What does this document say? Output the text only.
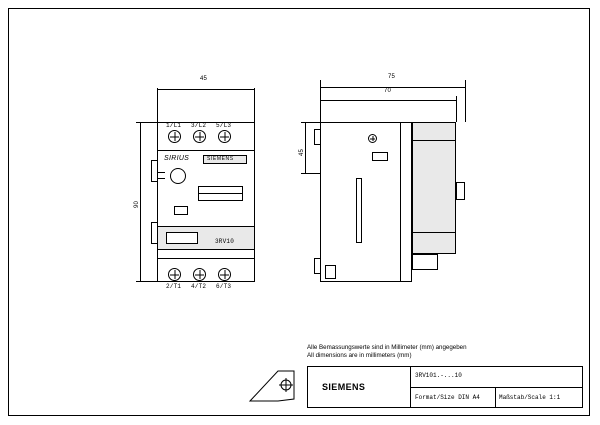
45
90
1/L1 3/L2 5/L3
SIRIUS	SIEMENS
3RV10
2/T1 4/T2 6/T3
75
70
45
Alle Bemassungswerte sind in Millimeter (mm) angegeben
All dimensions are in millimeters (mm)
SIEMENS
3RV101.-...10
Format/Size DIN A4	Maßstab/Scale 1:1
